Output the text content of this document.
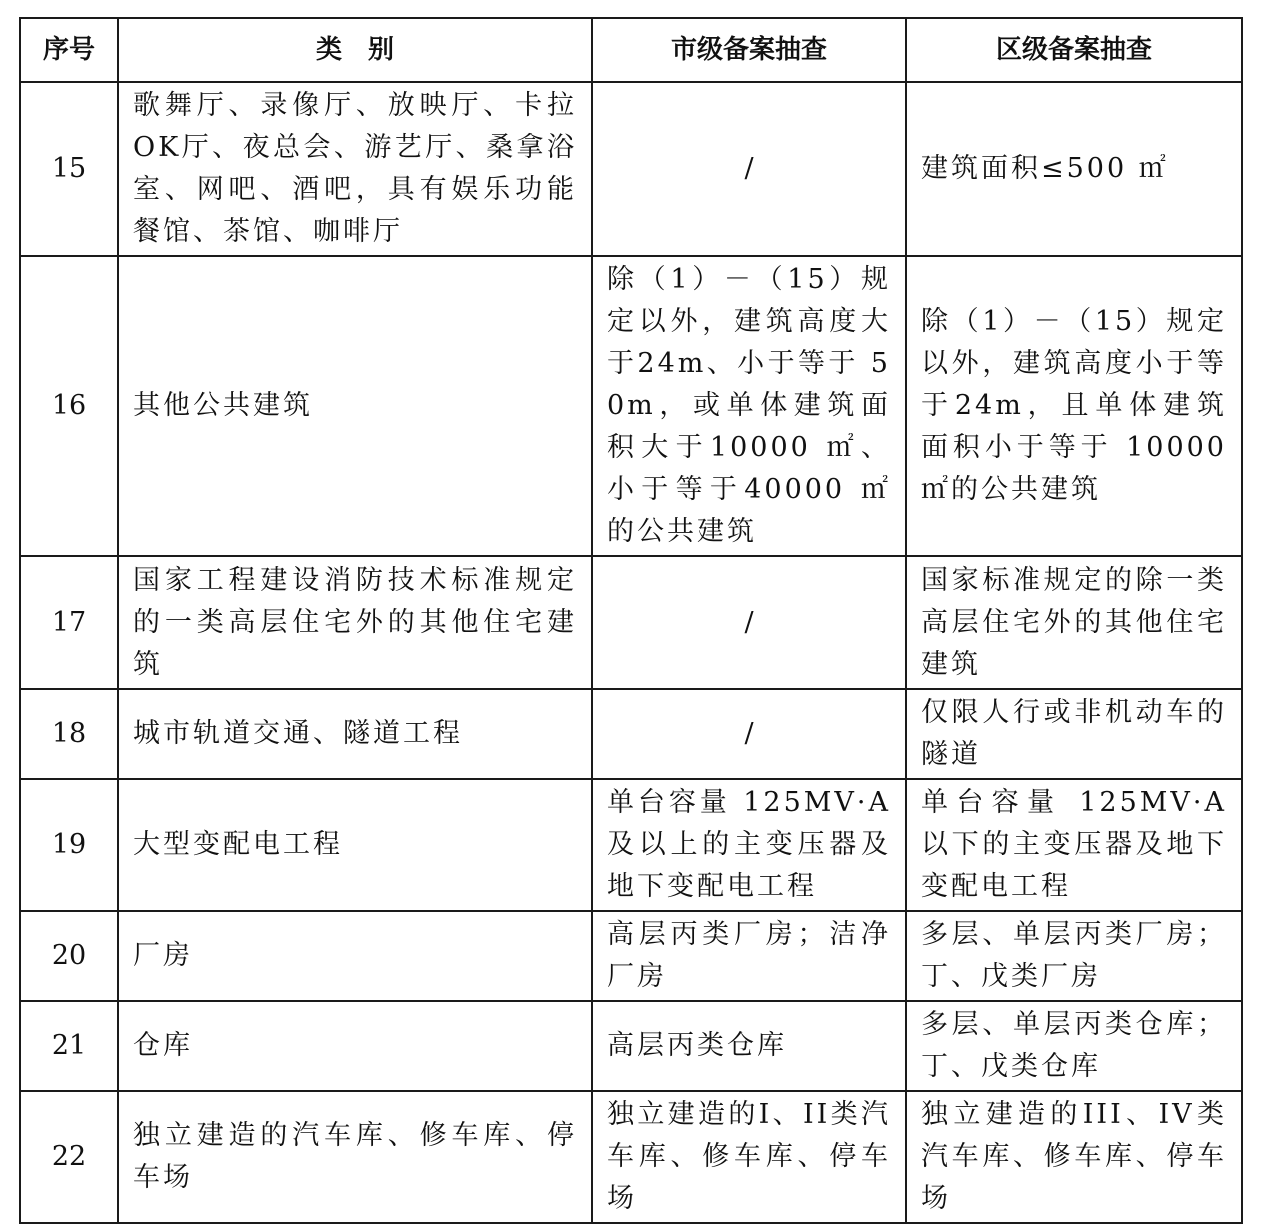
序号	类　别	市级备案抽查	区级备案抽查
15	歌舞厅、录像厅、放映厅、卡拉OK厅、夜总会、游艺厅、桑拿浴室、网吧、酒吧，具有娱乐功能餐馆、茶馆、咖啡厅	/	建筑面积≤500 ㎡
16	其他公共建筑	除（1）－（15）规定以外，建筑高度大于24m、小于等于 50m，或单体建筑面积大于10000 ㎡、小于等于40000 ㎡的公共建筑	除（1）－（15）规定以外，建筑高度小于等于24m，且单体建筑面积小于等于 10000 ㎡的公共建筑
17	国家工程建设消防技术标准规定的一类高层住宅外的其他住宅建筑	/	国家标准规定的除一类高层住宅外的其他住宅建筑
18	城市轨道交通、隧道工程	/	仅限人行或非机动车的隧道
19	大型变配电工程	单台容量 125MV·A 及以上的主变压器及地下变配电工程	单台容量 125MV·A 以下的主变压器及地下变配电工程
20	厂房	高层丙类厂房；洁净厂房	多层、单层丙类厂房；丁、戊类厂房
21	仓库	高层丙类仓库	多层、单层丙类仓库；丁、戊类仓库
22	独立建造的汽车库、修车库、停车场	独立建造的I、II类汽车库、修车库、停车场	独立建造的III、IV类汽车库、修车库、停车场
